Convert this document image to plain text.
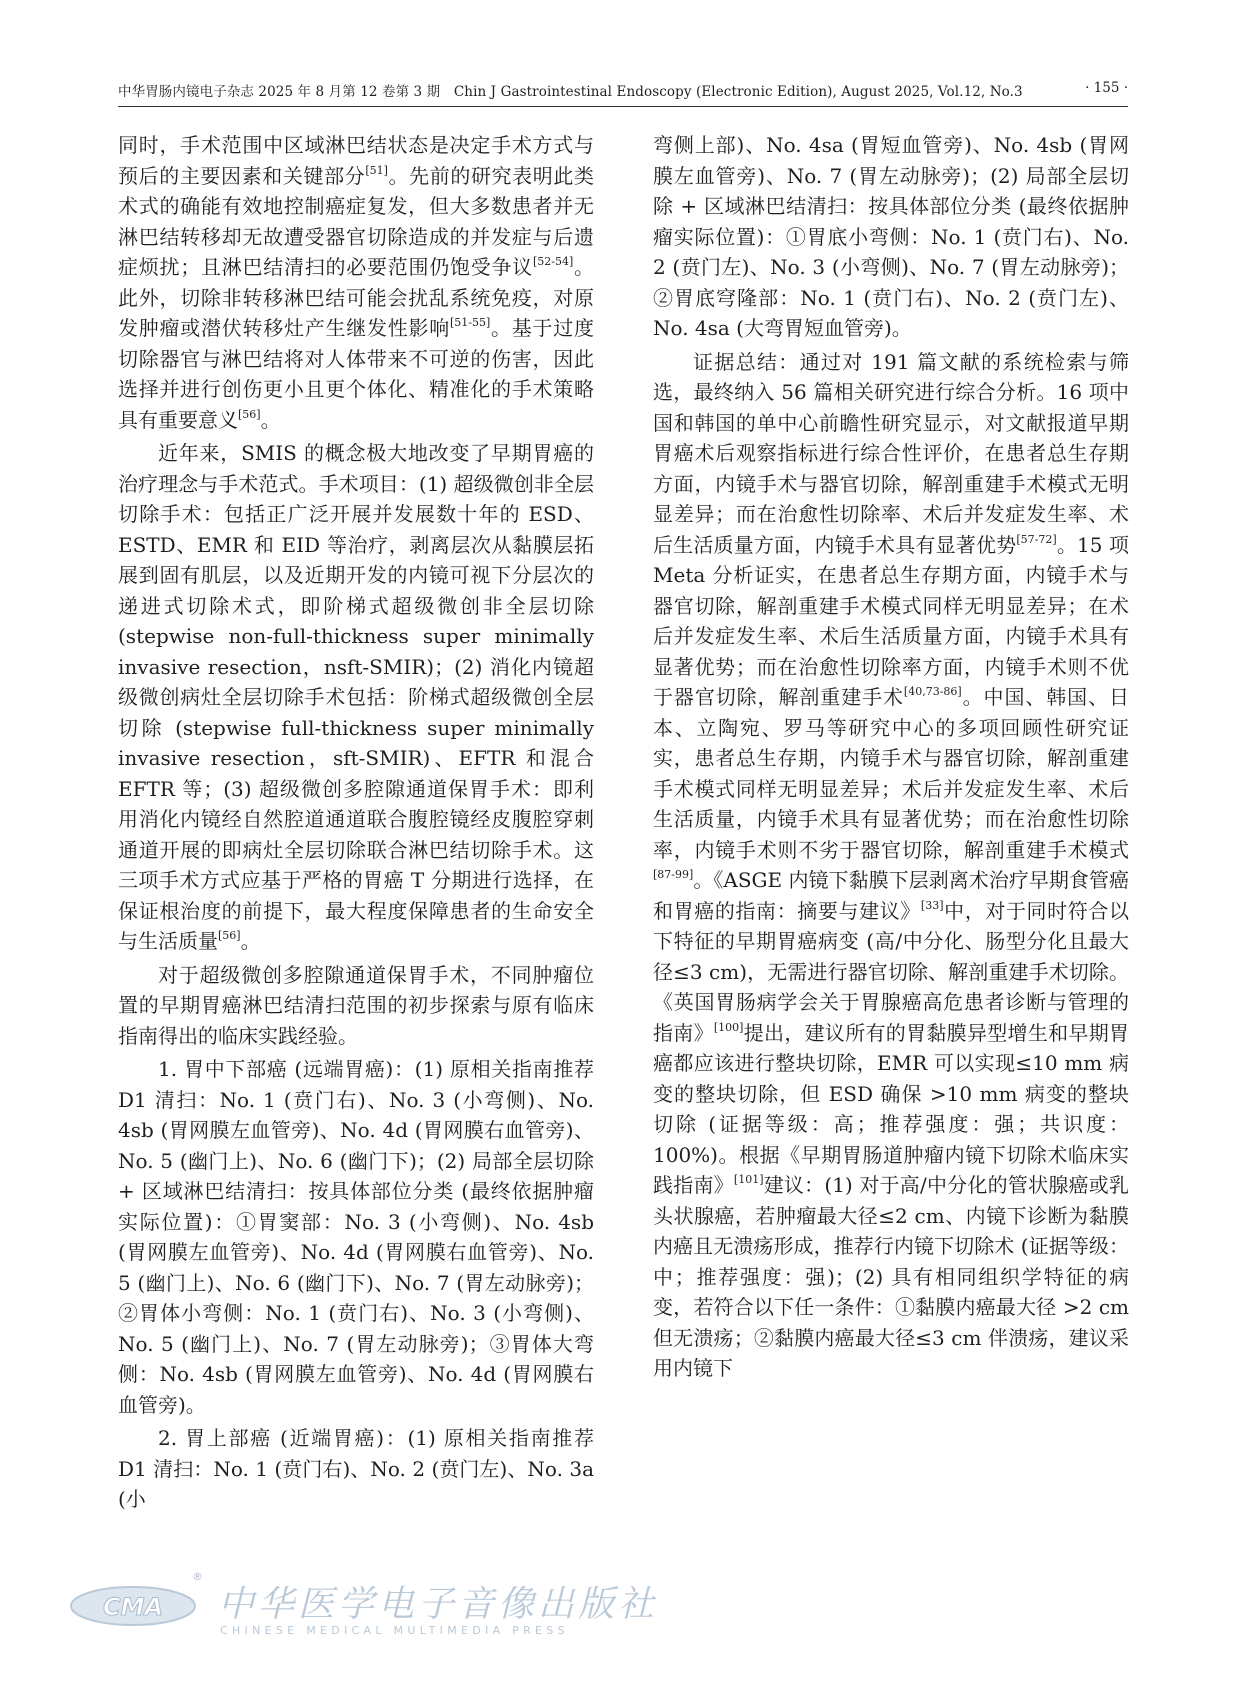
中华胃肠内镜电子杂志 2025 年 8 月第 12 卷第 3 期　Chin J Gastrointestinal Endoscopy (Electronic Edition), August 2025, Vol.12, No.3	· 155 ·

同时，手术范围中区域淋巴结状态是决定手术方式与预后的主要因素和关键部分[51]。先前的研究表明此类术式的确能有效地控制癌症复发，但大多数患者并无淋巴结转移却无故遭受器官切除造成的并发症与后遗症烦扰；且淋巴结清扫的必要范围仍饱受争议[52-54]。此外，切除非转移淋巴结可能会扰乱系统免疫，对原发肿瘤或潜伏转移灶产生继发性影响[51-55]。基于过度切除器官与淋巴结将对人体带来不可逆的伤害，因此选择并进行创伤更小且更个体化、精准化的手术策略具有重要意义[56]。

近年来，SMIS 的概念极大地改变了早期胃癌的治疗理念与手术范式。手术项目：(1) 超级微创非全层切除手术：包括正广泛开展并发展数十年的 ESD、ESTD、EMR 和 EID 等治疗，剥离层次从黏膜层拓展到固有肌层，以及近期开发的内镜可视下分层次的递进式切除术式，即阶梯式超级微创非全层切除 (stepwise non-full-thickness super minimally invasive resection，nsft-SMIR)；(2) 消化内镜超级微创病灶全层切除手术包括：阶梯式超级微创全层切除 (stepwise full-thickness super minimally invasive resection，sft-SMIR)、EFTR 和混合 EFTR 等；(3) 超级微创多腔隙通道保胃手术：即利用消化内镜经自然腔道通道联合腹腔镜经皮腹腔穿刺通道开展的即病灶全层切除联合淋巴结切除手术。这三项手术方式应基于严格的胃癌 T 分期进行选择，在保证根治度的前提下，最大程度保障患者的生命安全与生活质量[56]。

对于超级微创多腔隙通道保胃手术，不同肿瘤位置的早期胃癌淋巴结清扫范围的初步探索与原有临床指南得出的临床实践经验。

1. 胃中下部癌 (远端胃癌)：(1) 原相关指南推荐 D1 清扫：No. 1 (贲门右)、No. 3 (小弯侧)、No. 4sb (胃网膜左血管旁)、No. 4d (胃网膜右血管旁)、No. 5 (幽门上)、No. 6 (幽门下)；(2) 局部全层切除 + 区域淋巴结清扫：按具体部位分类 (最终依据肿瘤实际位置)：①胃窦部：No. 3 (小弯侧)、No. 4sb (胃网膜左血管旁)、No. 4d (胃网膜右血管旁)、No. 5 (幽门上)、No. 6 (幽门下)、No. 7 (胃左动脉旁)；②胃体小弯侧：No. 1 (贲门右)、No. 3 (小弯侧)、No. 5 (幽门上)、No. 7 (胃左动脉旁)；③胃体大弯侧：No. 4sb (胃网膜左血管旁)、No. 4d (胃网膜右血管旁)。

2. 胃上部癌 (近端胃癌)：(1) 原相关指南推荐 D1 清扫：No. 1 (贲门右)、No. 2 (贲门左)、No. 3a (小

弯侧上部)、No. 4sa (胃短血管旁)、No. 4sb (胃网膜左血管旁)、No. 7 (胃左动脉旁)；(2) 局部全层切除 + 区域淋巴结清扫：按具体部位分类 (最终依据肿瘤实际位置)：①胃底小弯侧：No. 1 (贲门右)、No. 2 (贲门左)、No. 3 (小弯侧)、No. 7 (胃左动脉旁)；②胃底穹隆部：No. 1 (贲门右)、No. 2 (贲门左)、No. 4sa (大弯胃短血管旁)。

证据总结：通过对 191 篇文献的系统检索与筛选，最终纳入 56 篇相关研究进行综合分析。16 项中国和韩国的单中心前瞻性研究显示，对文献报道早期胃癌术后观察指标进行综合性评价，在患者总生存期方面，内镜手术与器官切除，解剖重建手术模式无明显差异；而在治愈性切除率、术后并发症发生率、术后生活质量方面，内镜手术具有显著优势[57-72]。15 项 Meta 分析证实，在患者总生存期方面，内镜手术与器官切除，解剖重建手术模式同样无明显差异；在术后并发症发生率、术后生活质量方面，内镜手术具有显著优势；而在治愈性切除率方面，内镜手术则不优于器官切除，解剖重建手术[40,73-86]。中国、韩国、日本、立陶宛、罗马等研究中心的多项回顾性研究证实，患者总生存期，内镜手术与器官切除，解剖重建手术模式同样无明显差异；术后并发症发生率、术后生活质量，内镜手术具有显著优势；而在治愈性切除率，内镜手术则不劣于器官切除，解剖重建手术模式[87-99]。《ASGE 内镜下黏膜下层剥离术治疗早期食管癌和胃癌的指南：摘要与建议》[33]中，对于同时符合以下特征的早期胃癌病变 (高/中分化、肠型分化且最大径≤3 cm)，无需进行器官切除、解剖重建手术切除。《英国胃肠病学会关于胃腺癌高危患者诊断与管理的指南》[100]提出，建议所有的胃黏膜异型增生和早期胃癌都应该进行整块切除，EMR 可以实现≤10 mm 病变的整块切除，但 ESD 确保 >10 mm 病变的整块切除 (证据等级：高；推荐强度：强；共识度：100%)。根据《早期胃肠道肿瘤内镜下切除术临床实践指南》[101]建议：(1) 对于高/中分化的管状腺癌或乳头状腺癌，若肿瘤最大径≤2 cm、内镜下诊断为黏膜内癌且无溃疡形成，推荐行内镜下切除术 (证据等级：中；推荐强度：强)；(2) 具有相同组织学特征的病变，若符合以下任一条件：①黏膜内癌最大径 >2 cm 但无溃疡；②黏膜内癌最大径≤3 cm 伴溃疡，建议采用内镜下

CMA
®
中华医学电子音像出版社
CHINESE MEDICAL MULTIMEDIA PRESS
